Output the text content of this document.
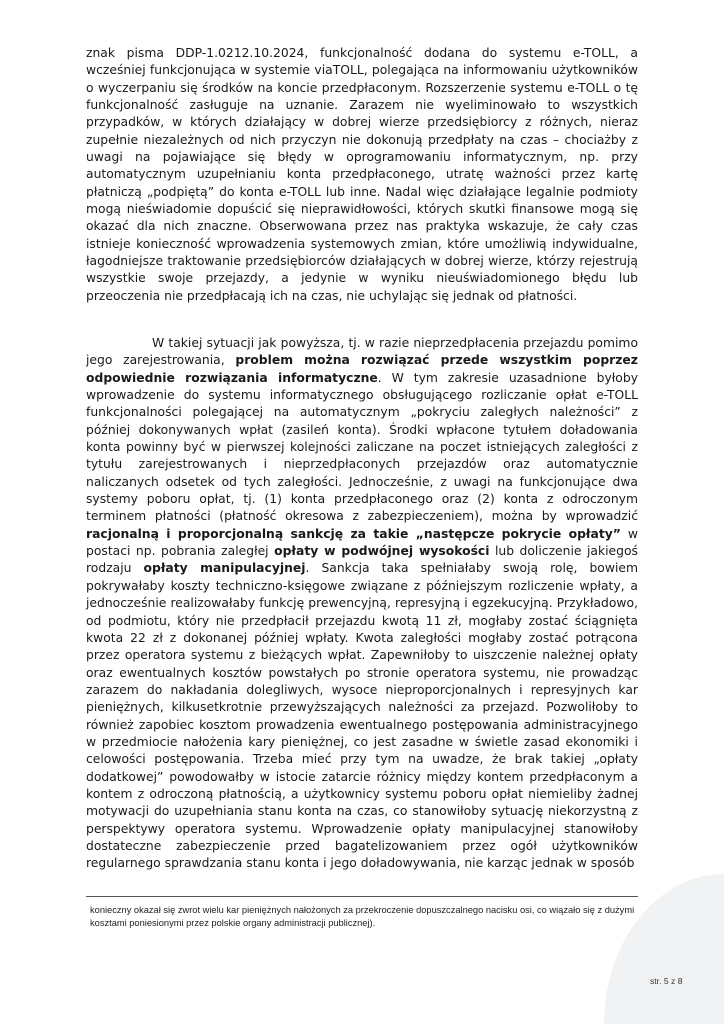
znak pisma DDP-1.0212.10.2024, funkcjonalność dodana do systemu e-TOLL, a wcześniej funkcjonująca w systemie viaTOLL, polegająca na informowaniu użytkowników o wyczerpaniu się środków na koncie przedpłaconym. Rozszerzenie systemu e-TOLL o tę funkcjonalność zasługuje na uznanie. Zarazem nie wyeliminowało to wszystkich przypadków, w których działający w dobrej wierze przedsiębiorcy z różnych, nieraz zupełnie niezależnych od nich przyczyn nie dokonują przedpłaty na czas – chociażby z uwagi na pojawiające się błędy w oprogramowaniu informatycznym, np. przy automatycznym uzupełnianiu konta przedpłaconego, utratę ważności przez kartę płatniczą „podpiętą” do konta e-TOLL lub inne. Nadal więc działające legalnie podmioty mogą nieświadomie dopuścić się nieprawidłowości, których skutki finansowe mogą się okazać dla nich znaczne. Obserwowana przez nas praktyka wskazuje, że cały czas istnieje konieczność wprowadzenia systemowych zmian, które umożliwią indywidualne, łagodniejsze traktowanie przedsiębiorców działających w dobrej wierze, którzy rejestrują wszystkie swoje przejazdy, a jedynie w wyniku nieuświadomionego błędu lub przeoczenia nie przedpłacają ich na czas, nie uchylając się jednak od płatności.

W takiej sytuacji jak powyższa, tj. w razie nieprzedpłacenia przejazdu pomimo jego zarejestrowania, problem można rozwiązać przede wszystkim poprzez odpowiednie rozwiązania informatyczne. W tym zakresie uzasadnione byłoby wprowadzenie do systemu informatycznego obsługującego rozliczanie opłat e-TOLL funkcjonalności polegającej na automatycznym „pokryciu zaległych należności” z później dokonywanych wpłat (zasileń konta). Środki wpłacone tytułem doładowania konta powinny być w pierwszej kolejności zaliczane na poczet istniejących zaległości z tytułu zarejestrowanych i nieprzedpłaconych przejazdów oraz automatycznie naliczanych odsetek od tych zaległości. Jednocześnie, z uwagi na funkcjonujące dwa systemy poboru opłat, tj. (1) konta przedpłaconego oraz (2) konta z odroczonym terminem płatności (płatność okresowa z zabezpieczeniem), można by wprowadzić racjonalną i proporcjonalną sankcję za takie „następcze pokrycie opłaty” w postaci np. pobrania zaległej opłaty w podwójnej wysokości lub doliczenie jakiegoś rodzaju opłaty manipulacyjnej. Sankcja taka spełniałaby swoją rolę, bowiem pokrywałaby koszty techniczno-księgowe związane z późniejszym rozliczenie wpłaty, a jednocześnie realizowałaby funkcję prewencyjną, represyjną i egzekucyjną. Przykładowo, od podmiotu, który nie przedpłacił przejazdu kwotą 11 zł, mogłaby zostać ściągnięta kwota 22 zł z dokonanej później wpłaty. Kwota zaległości mogłaby zostać potrącona przez operatora systemu z bieżących wpłat. Zapewniłoby to uiszczenie należnej opłaty oraz ewentualnych kosztów powstałych po stronie operatora systemu, nie prowadząc zarazem do nakładania dolegliwych, wysoce nieproporcjonalnych i represyjnych kar pieniężnych, kilkusetkrotnie przewyższających należności za przejazd. Pozwoliłoby to również zapobiec kosztom prowadzenia ewentualnego postępowania administracyjnego w przedmiocie nałożenia kary pieniężnej, co jest zasadne w świetle zasad ekonomiki i celowości postępowania. Trzeba mieć przy tym na uwadze, że brak takiej „opłaty dodatkowej” powodowałby w istocie zatarcie różnicy między kontem przedpłaconym a kontem z odroczoną płatnością, a użytkownicy systemu poboru opłat niemieliby żadnej motywacji do uzupełniania stanu konta na czas, co stanowiłoby sytuację niekorzystną z perspektywy operatora systemu. Wprowadzenie opłaty manipulacyjnej stanowiłoby dostateczne zabezpieczenie przed bagatelizowaniem przez ogół użytkowników regularnego sprawdzania stanu konta i jego doładowywania, nie karząc jednak w sposób

konieczny okazał się zwrot wielu kar pieniężnych nałożonych za przekroczenie dopuszczalnego nacisku osi, co wiązało się z dużymi kosztami poniesionymi przez polskie organy administracji publicznej).

str. 5 z 8
